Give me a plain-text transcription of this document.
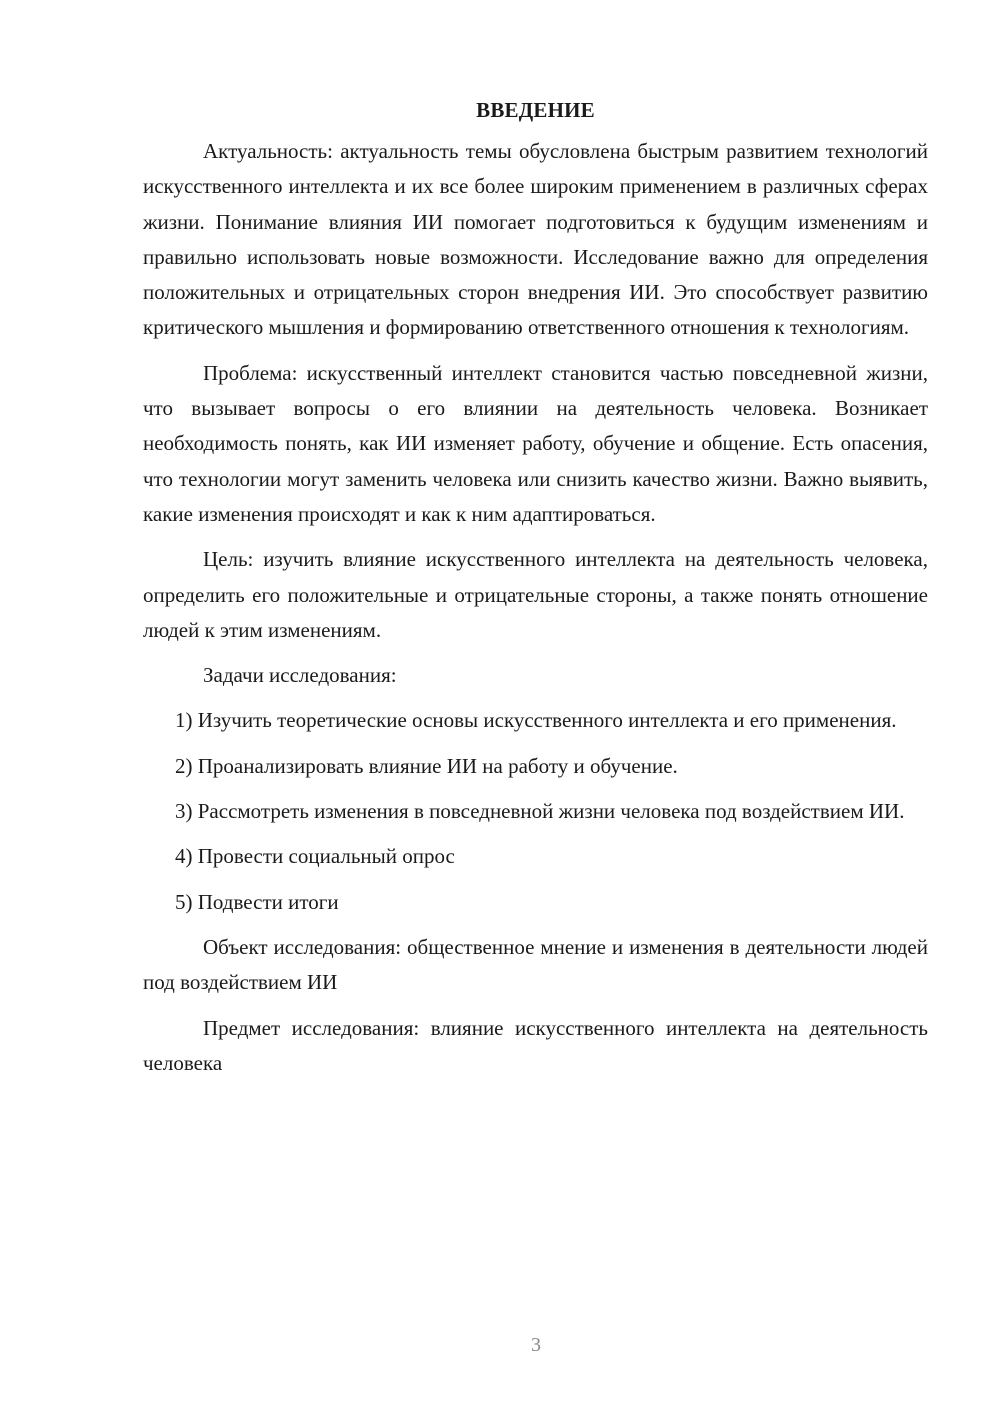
ВВЕДЕНИЕ

Актуальность: актуальность темы обусловлена быстрым развитием технологий искусственного интеллекта и их все более широким применением в различных сферах жизни. Понимание влияния ИИ помогает подготовиться к будущим изменениям и правильно использовать новые возможности. Исследование важно для определения положительных и отрицательных сторон внедрения ИИ. Это способствует развитию критического мышления и формированию ответственного отношения к технологиям.

Проблема: искусственный интеллект становится частью повседневной жизни, что вызывает вопросы о его влиянии на деятельность человека. Возникает необходимость понять, как ИИ изменяет работу, обучение и общение. Есть опасения, что технологии могут заменить человека или снизить качество жизни. Важно выявить, какие изменения происходят и как к ним адаптироваться.

Цель: изучить влияние искусственного интеллекта на деятельность человека, определить его положительные и отрицательные стороны, а также понять отношение людей к этим изменениям.

Задачи исследования:

1) Изучить теоретические основы искусственного интеллекта и его применения.

2) Проанализировать влияние ИИ на работу и обучение.

3) Рассмотреть изменения в повседневной жизни человека под воздействием ИИ.

4) Провести социальный опрос

5) Подвести итоги

Объект исследования: общественное мнение и изменения в деятельности людей под воздействием ИИ

Предмет исследования: влияние искусственного интеллекта на деятельность человека

3
